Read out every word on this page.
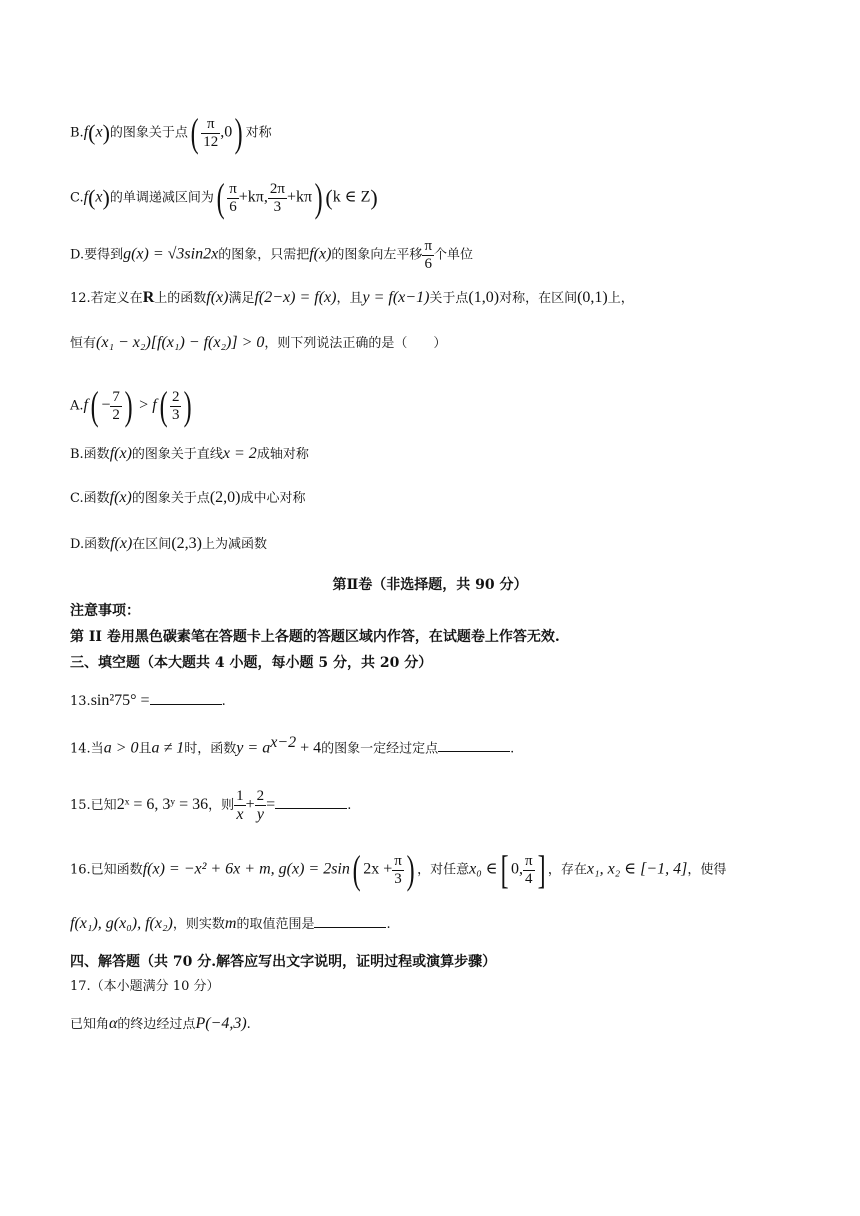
B.f(x)的图象关于点( $\frac{\pi}{12} ,0$) 对称
C.f(x)的单调递减区间为( $\frac{\pi}{6} +k\pi$, $\frac{2\pi}{3} +k\pi$) (k ∈ Z)
D.要得到g(x) = √3sin2x的图象，只需把f(x)的图象向左平移 $\frac{\pi}{6}$ 个单位
12.若定义在R上的函数f(x)满足f(2−x) = f(x)，且y = f(x−1)关于点(1,0)对称，在区间(0,1)上，
恒有(x₁ − x₂)[f(x₁) − f(x₂)] > 0，则下列说法正确的是（　　）
$A.f( - \frac{7}{2}$ ) > $f( \frac{2}{3}$ )
B.函数f(x)的图象关于直线x = 2成轴对称
C.函数f(x)的图象关于点(2,0)成中心对称
D.函数f(x)在区间(2,3)上为减函数
第Ⅱ卷（非选择题，共 90 分）
注意事项：
第 II 卷用黑色碳素笔在答题卡上各题的答题区域内作答，在试题卷上作答无效.
三、填空题（本大题共 4 小题，每小题 5 分，共 20 分）
13.sin²75° =	.
14.当a > 0且a ≠ 1时，函数$y = a^{x-2} + 4$的图象一定经过定点	.
15.已知2ˣ = 6, 3ʸ = 36，则 $\frac{1}{x} + \frac{2}{y}$ =	.
16.已知函数f(x) = −x² + 6x + m, g(x) = 2sin( $2x + \frac{\pi}{3}$ ) ，对任意x₀ ∈[ 0, $\frac{\pi}{4}$ ] ，存在x₁, x₂ ∈ [−1, 4]，使得
f(x₁), g(x₀), f(x₂)，则实数m的取值范围是	.
四、解答题（共 70 分.解答应写出文字说明，证明过程或演算步骤）
17.（本小题满分 10 分）
已知角α的终边经过点P(−4,3).
